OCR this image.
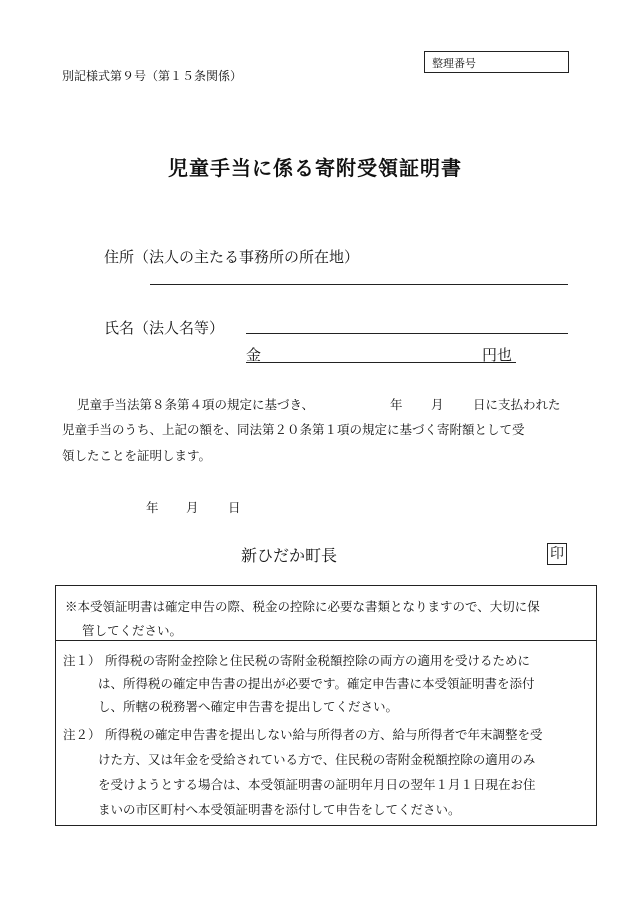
別記様式第９号（第１５条関係）
整理番号
児童手当に係る寄附受領証明書
住所（法人の主たる事務所の所在地）
氏名（法人名等）
金	円也
児童手当法第８条第４項の規定に基づき、	年 月 日に支払われた
児童手当のうち、上記の額を、同法第２０条第１項の規定に基づく寄附額として受
領したことを証明します。
年 月 日
新ひだか町長	印
※本受領証明書は確定申告の際、税金の控除に必要な書類となりますので、大切に保
管してください。
注１） 所得税の寄附金控除と住民税の寄附金税額控除の両方の適用を受けるために
は、所得税の確定申告書の提出が必要です。確定申告書に本受領証明書を添付
し、所轄の税務署へ確定申告書を提出してください。
注２） 所得税の確定申告書を提出しない給与所得者の方、給与所得者で年末調整を受
けた方、又は年金を受給されている方で、住民税の寄附金税額控除の適用のみ
を受けようとする場合は、本受領証明書の証明年月日の翌年１月１日現在お住
まいの市区町村へ本受領証明書を添付して申告をしてください。
